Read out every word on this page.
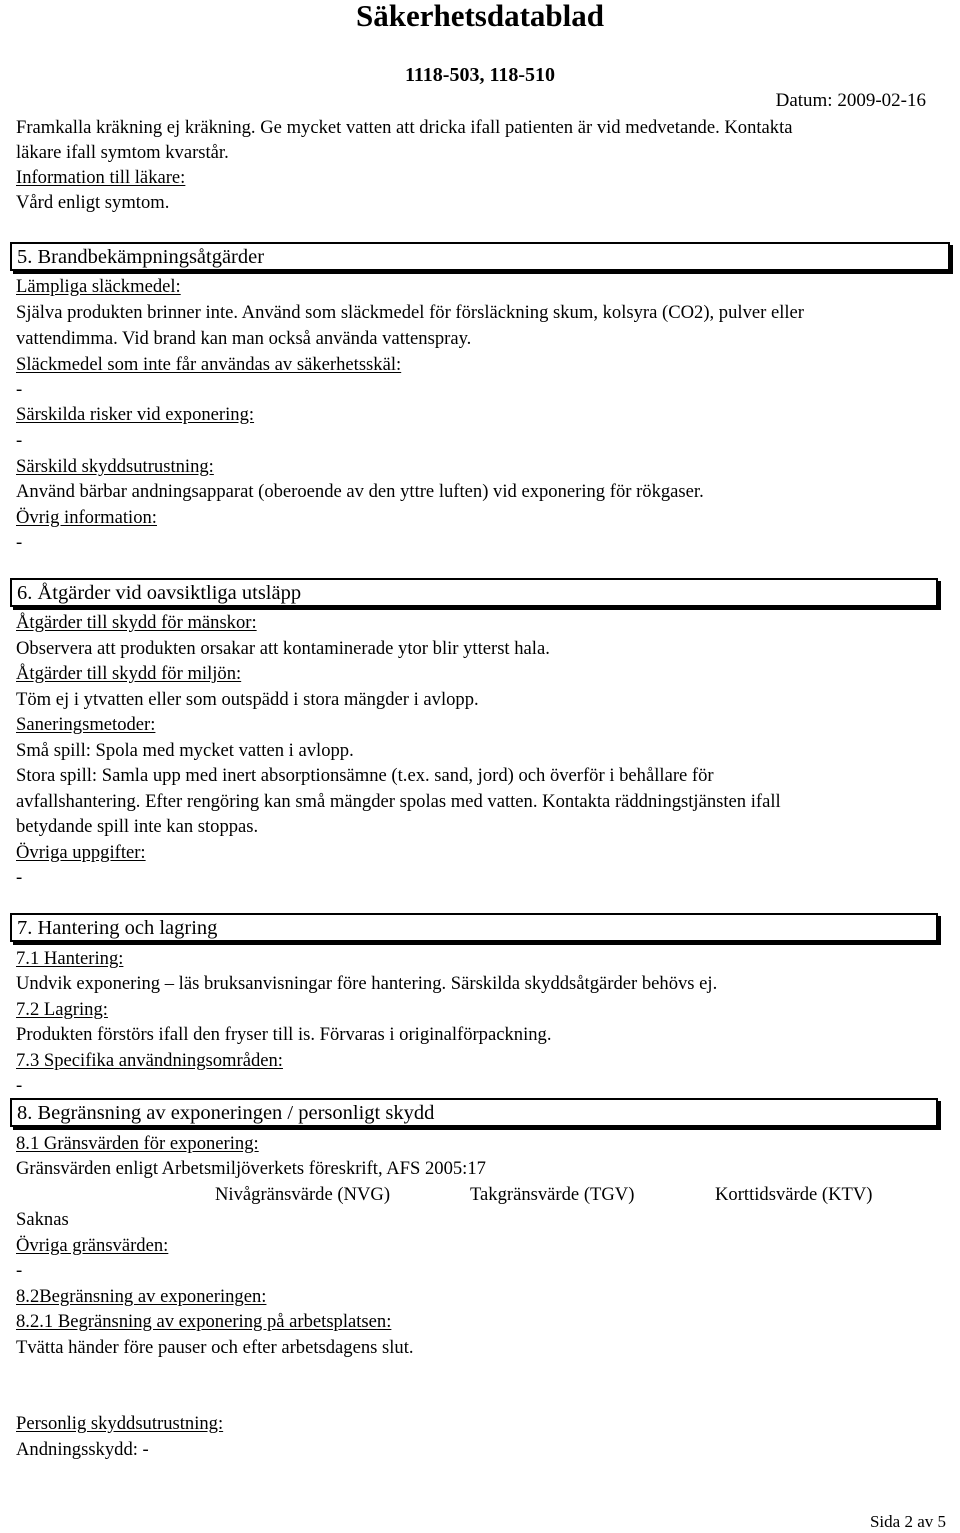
Säkerhetsdatablad
1118-503, 118-510
Datum: 2009-02-16
Framkalla kräkning ej kräkning. Ge mycket vatten att dricka ifall patienten är vid medvetande. Kontakta
läkare ifall symtom kvarstår.
Information till läkare:
Vård enligt symtom.
5. Brandbekämpningsåtgärder
Lämpliga släckmedel:
Själva produkten brinner inte. Använd som släckmedel för försläckning skum, kolsyra (CO2), pulver eller
vattendimma. Vid brand kan man också använda vattenspray.
Släckmedel som inte får användas av säkerhetsskäl:
-
Särskilda risker vid exponering:
-
Särskild skyddsutrustning:
Använd bärbar andningsapparat (oberoende av den yttre luften) vid exponering för rökgaser.
Övrig information:
-
6. Åtgärder vid oavsiktliga utsläpp
Åtgärder till skydd för mänskor:
Observera att produkten orsakar att kontaminerade ytor blir ytterst hala.
Åtgärder till skydd för miljön:
Töm ej i ytvatten eller som outspädd i stora mängder i avlopp.
Saneringsmetoder:
Små spill: Spola med mycket vatten i avlopp.
Stora spill: Samla upp med inert absorptionsämne (t.ex. sand, jord) och överför i behållare för
avfallshantering. Efter rengöring kan små mängder spolas med vatten. Kontakta räddningstjänsten ifall
betydande spill inte kan stoppas.
Övriga uppgifter:
-
7. Hantering och lagring
7.1 Hantering:
Undvik exponering – läs bruksanvisningar före hantering. Särskilda skyddsåtgärder behövs ej.
7.2 Lagring:
Produkten förstörs ifall den fryser till is. Förvaras i originalförpackning.
7.3 Specifika användningsområden:
-
8. Begränsning av exponeringen / personligt skydd
8.1 Gränsvärden för exponering:
Gränsvärden enligt Arbetsmiljöverkets föreskrift, AFS 2005:17
Nivågränsvärde (NVG)	Takgränsvärde (TGV)	Korttidsvärde (KTV)
Saknas
Övriga gränsvärden:
-
8.2Begränsning av exponeringen:
8.2.1 Begränsning av exponering på arbetsplatsen:
Tvätta händer före pauser och efter arbetsdagens slut.
Personlig skyddsutrustning:
Andningsskydd: -
Sida 2 av 5
